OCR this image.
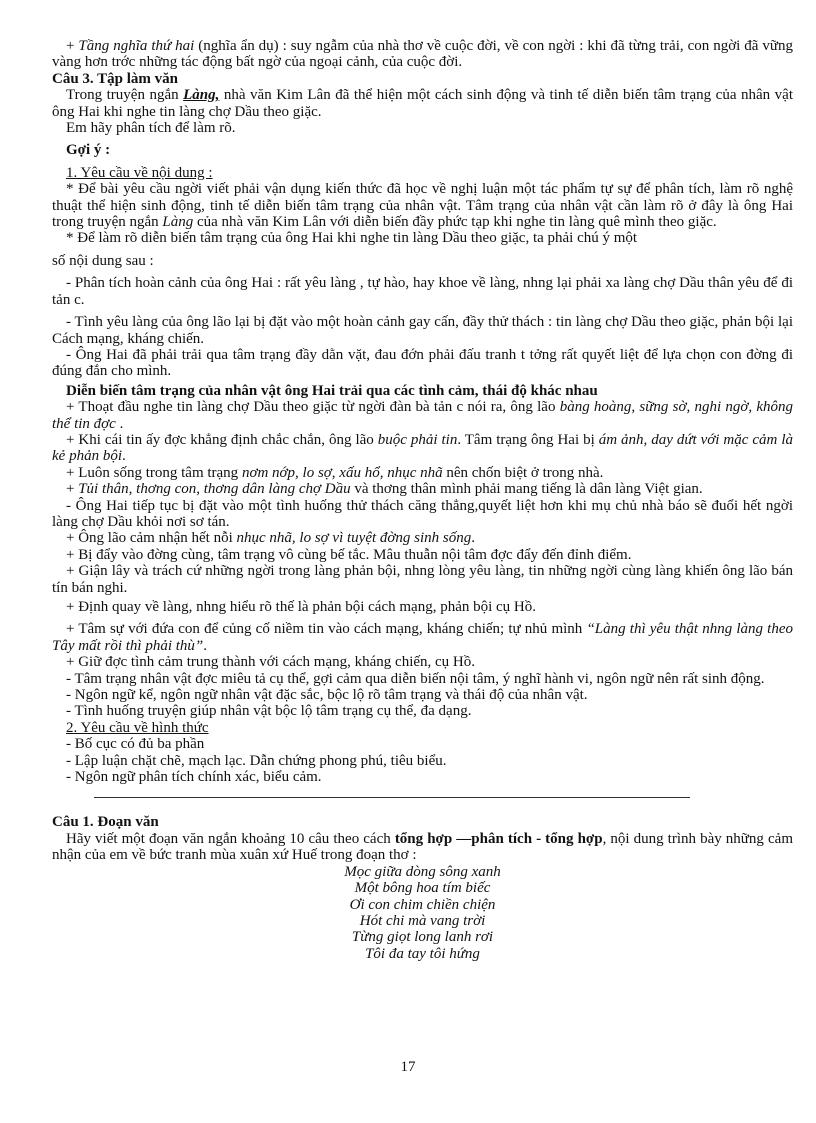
+ Tầng nghĩa thứ hai (nghĩa ẩn dụ) : suy ngẫm của nhà thơ về cuộc đời, về con ngời : khi đã từng trải, con ngời đã vững vàng hơn trớc những tác động bất ngờ của ngoại cảnh, của cuộc đời.

Câu 3. Tập làm văn

Trong truyện ngắn Làng, nhà văn Kim Lân đã thể hiện một cách sinh động và tinh tế diễn biến tâm trạng của nhân vật ông Hai khi nghe tin làng chợ Dầu theo giặc.

Em hãy phân tích để làm rõ.

Gợi ý :

1. Yêu cầu về nội dung :

* Để bài yêu cầu ngời viết phải vận dụng kiến thức đã học về nghị luận một tác phẩm tự sự để phân tích, làm rõ nghệ thuật thể hiện sinh động, tinh tế diễn biến tâm trạng của nhân vật. Tâm trạng của nhân vật cần làm rõ ở đây là ông Hai trong truyện ngắn Làng của nhà văn Kim Lân với diễn biến đầy phức tạp khi nghe tin làng quê mình theo giặc.

* Để làm rõ diễn biến tâm trạng của ông Hai khi nghe tin làng Dầu theo giặc, ta phải chú ý một

số nội dung sau :

- Phân tích hoàn cảnh của ông Hai : rất yêu làng , tự hào, hay khoe về làng, nhng lại phải xa làng chợ Dầu thân yêu để đi tản c.

- Tình yêu làng của ông lão lại bị đặt vào một hoàn cảnh gay cấn, đầy thử thách : tin làng chợ Dầu theo giặc, phản bội lại Cách mạng, kháng chiến.

- Ông Hai đã phải trải qua tâm trạng đầy dằn vặt, đau đớn phải đấu tranh t tởng rất quyết liệt để lựa chọn con đờng đi đúng đắn cho mình.

Diễn biến tâm trạng của nhân vật ông Hai trải qua các tình cảm, thái độ khác nhau

+ Thoạt đầu nghe tin làng chợ Dầu theo giặc từ ngời đàn bà tản c nói ra, ông lão bàng hoàng, sững sờ, nghi ngờ, không thể tin đợc .

+ Khi cái tin ấy đợc khẳng định chắc chắn, ông lão buộc phải tin. Tâm trạng ông Hai bị ám ảnh, day dứt với mặc cảm là kẻ phản bội.

+ Luôn sống trong tâm trạng nơm nớp, lo sợ, xấu hổ, nhục nhã nên chốn biệt ở trong nhà.

+ Tủi thân, thơng con, thơng dân làng chợ Dầu và thơng thân mình phải mang tiếng là dân làng Việt gian.

- Ông Hai tiếp tục bị đặt vào một tình huống thử thách căng thẳng,quyết liệt hơn khi mụ chủ nhà báo sẽ đuổi hết ngời làng chợ Dầu khỏi nơi sơ tán.

+ Ông lão cảm nhận hết nỗi nhục nhã, lo sợ vì tuyệt đờng sinh sống.

+ Bị đẩy vào đờng cùng, tâm trạng vô cùng bế tắc. Mâu thuẫn nội tâm đợc đẩy đến đỉnh điểm.

+ Giận lây và trách cứ những ngời trong làng phản bội, nhng lòng yêu làng, tin những ngời cùng làng khiến ông lão bán tín bán nghi.

+ Định quay về làng, nhng hiểu rõ thế là phản bội cách mạng, phản bội cụ Hồ.

+ Tâm sự với đứa con để củng cố niềm tin vào cách mạng, kháng chiến; tự nhủ mình “Làng thì yêu thật nhng làng theo Tây mất rồi thì phải thù”.

+ Giữ đợc tình cảm trung thành với cách mạng, kháng chiến, cụ Hồ.

- Tâm trạng nhân vật đợc miêu tả cụ thể, gợi cảm qua diễn biến nội tâm, ý nghĩ hành vi, ngôn ngữ nên rất sinh động.

- Ngôn ngữ kể, ngôn ngữ nhân vật đặc sắc, bộc lộ rõ tâm trạng và thái độ của nhân vật.

- Tình huống truyện giúp nhân vật bộc lộ tâm trạng cụ thể, đa dạng.

2. Yêu cầu về hình thức

- Bố cục có đủ ba phần

- Lập luận chặt chẽ, mạch lạc. Dẫn chứng phong phú, tiêu biểu.

- Ngôn ngữ phân tích chính xác, biểu cảm.

Câu 1. Đoạn văn

Hãy viết một đoạn văn ngắn khoảng 10 câu theo cách tổng hợp —phân tích - tổng hợp, nội dung trình bày những cảm nhận của em về bức tranh mùa xuân xứ Huế trong đoạn thơ :

Mọc giữa dòng sông xanh

Một bông hoa tím biếc

Ơi con chim chiền chiện

Hót chi mà vang trời

Từng giọt long lanh rơi

Tôi đa tay tôi hứng

17
